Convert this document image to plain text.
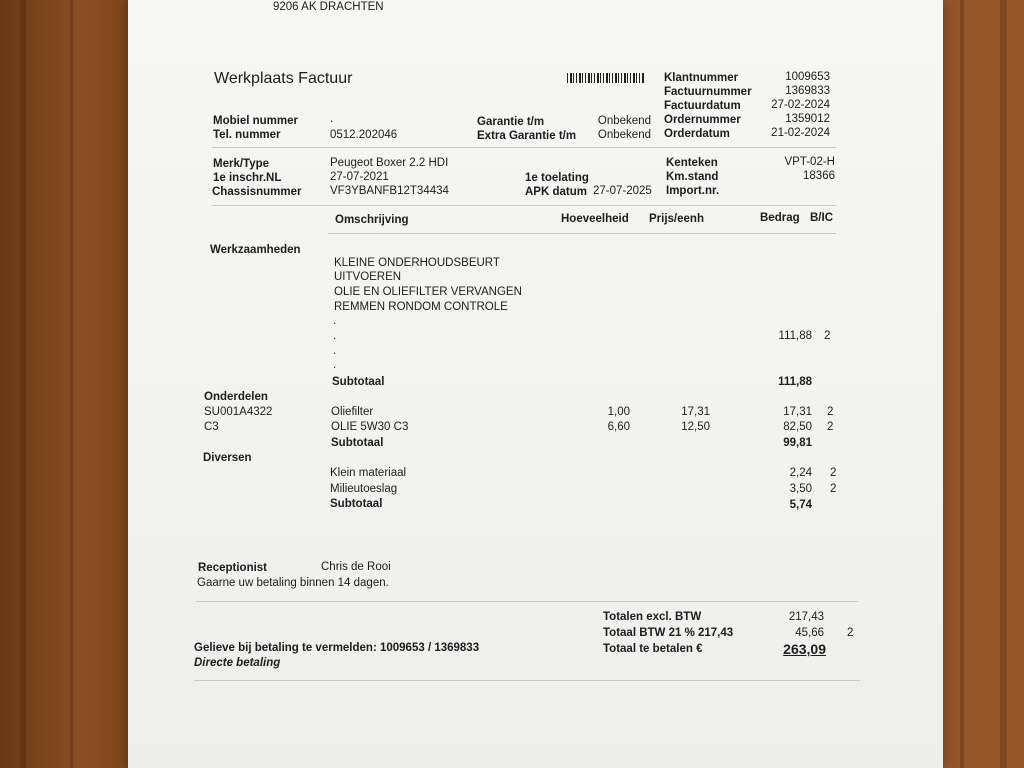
9206 AK DRACHTEN
Werkplaats Factuur	Klantnummer	1009653
Factuurnummer	1369833
Factuurdatum	27-02-2024
Ordernummer	1359012
Orderdatum	21-02-2024
Mobiel nummer	.
Tel. nummer	0512.202046
Garantie t/m	Onbekend
Extra Garantie t/m	Onbekend
Merk/Type	Peugeot Boxer 2.2 HDI
1e inschr.NL	27-07-2021
Chassisnummer VF3YBANFB12T34434
1e toelating
APK datum 27-07-2025
Kenteken	VPT-02-H
Km.stand	18366
Import.nr.
Omschrijving	Hoeveelheid Prijs/eenh	Bedrag B/IC
Werkzaamheden
KLEINE ONDERHOUDSBEURT
UITVOEREN
OLIE EN OLIEFILTER VERVANGEN
REMMEN RONDOM CONTROLE
.
.
.
.
111,88 2
Subtotaal	111,88
Onderdelen
SU001A4322	Oliefilter	1,00	17,31	17,31 2
C3	OLIE 5W30 C3	6,60	12,50	82,50 2
Subtotaal	99,81
Diversen
Klein materiaal	2,24 2
Milieutoeslag	3,50 2
Subtotaal	5,74
Receptionist	Chris de Rooi
Gaarne uw betaling binnen 14 dagen.
Totalen excl. BTW	217,43
Totaal BTW 21 % 217,43	45,66 2
Totaal te betalen €	263,09
Gelieve bij betaling te vermelden: 1009653 / 1369833
Directe betaling
